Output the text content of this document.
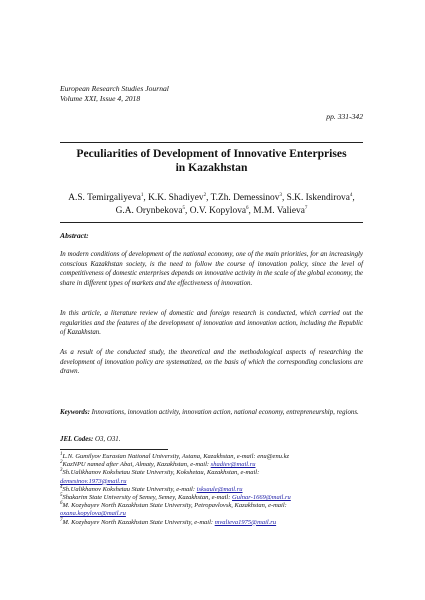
European Research Studies Journal
Volume XXI, Issue 4, 2018
pp. 331-342
Peculiarities of Development of Innovative Enterprises
in Kazakhstan
A.S. Temirgaliyeva$^1$, K.K. Shadiyev$^2$, T.Zh. Demessinov$^3$, S.K. Iskendirova$^4$, G.A. Orynbekova$^5$, O.V. Kopylova$^6$, M.M. Valieva$^7$
Abstract:
In modern conditions of development of the national economy, one of the main priorities, for an increasingly conscious Kazakhstan society, is the need to follow the course of innovation policy, since the level of competitiveness of domestic enterprises depends on innovative activity in the scale of the global economy, the share in different types of markets and the effectiveness of innovation.
In this article, a literature review of domestic and foreign research is conducted, which carried out the regularities and the features of the development of innovation and innovation action, including the Republic of Kazakhstan.
As a result of the conducted study, the theoretical and the methodological aspects of researching the development of innovation policy are systematized, on the basis of which the corresponding conclusions are drawn.
Keywords: Innovations, innovation activity, innovation action, national economy, entrepreneurship, regions.
JEL Codes: O3, O31.
$^1$L.N. Gumilyov Eurasian National University, Astana, Kazakhstan, e-mail: enu@enu.kz
$^2$KazNPU named after Abai, Almaty, Kazakhstan, e-mail: shadiev@mail.ru
$^3$Sh.Ualikhanov Kokshetau State University, Kokshetau, Kazakhstan, e-mail:
demesinov.1973@mail.ru
$^4$Sh.Ualikhanov Kokshetau State University, e-mail: isksaule@mail.ru
$^5$Shakarim State University of Semey, Semey, Kazakhstan, e-mail: Gulnar-1669@mail.ru
$^6$M. Kozybayev North Kazakhstan State University, Petropavlovsk, Kazakhstan, e-mail:
oxana.kopylova@mail.ru
$^7$M. Kozybayev North Kazakhstan State University, e-mail: mvalieva1975@mail.ru
